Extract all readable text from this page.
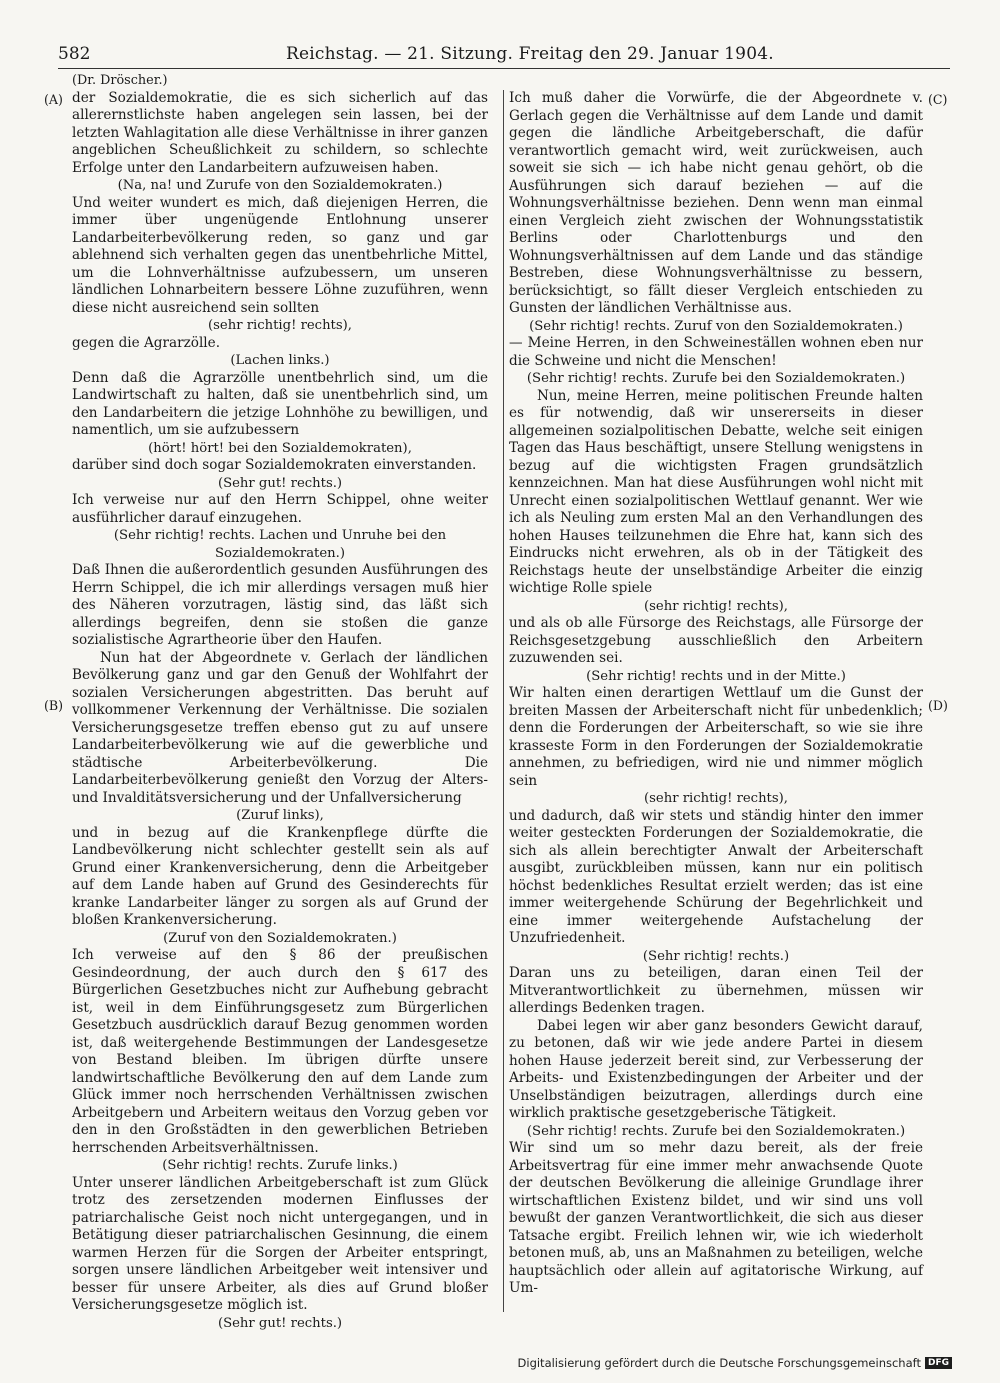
582	Reichstag. — 21. Sitzung. Freitag den 29. Januar 1904.
(A)
(B)
(C)
(D)

(Dr. Dröscher.)

der Sozialdemokratie, die es sich sicherlich auf das allerernstlichste haben angelegen sein lassen, bei der letzten Wahlagitation alle diese Verhältnisse in ihrer ganzen angeblichen Scheußlichkeit zu schildern, so schlechte Erfolge unter den Landarbeitern aufzuweisen haben.

(Na, na! und Zurufe von den Sozialdemokraten.)

Und weiter wundert es mich, daß diejenigen Herren, die immer über ungenügende Entlohnung unserer Landarbeiterbevölkerung reden, so ganz und gar ablehnend sich verhalten gegen das unentbehrliche Mittel, um die Lohnverhältnisse aufzubessern, um unseren ländlichen Lohnarbeitern bessere Löhne zuzuführen, wenn diese nicht ausreichend sein sollten

(sehr richtig! rechts),

gegen die Agrarzölle.

(Lachen links.)

Denn daß die Agrarzölle unentbehrlich sind, um die Landwirtschaft zu halten, daß sie unentbehrlich sind, um den Landarbeitern die jetzige Lohnhöhe zu bewilligen, und namentlich, um sie aufzubessern

(hört! hört! bei den Sozialdemokraten),

darüber sind doch sogar Sozialdemokraten einverstanden.

(Sehr gut! rechts.)

Ich verweise nur auf den Herrn Schippel, ohne weiter ausführlicher darauf einzugehen.

(Sehr richtig! rechts. Lachen und Unruhe bei den Sozialdemokraten.)

Daß Ihnen die außerordentlich gesunden Ausführungen des Herrn Schippel, die ich mir allerdings versagen muß hier des Näheren vorzutragen, lästig sind, das läßt sich allerdings begreifen, denn sie stoßen die ganze sozialistische Agrartheorie über den Haufen.

Nun hat der Abgeordnete v. Gerlach der ländlichen Bevölkerung ganz und gar den Genuß der Wohlfahrt der sozialen Versicherungen abgestritten. Das beruht auf vollkommener Verkennung der Verhältnisse. Die sozialen Versicherungsgesetze treffen ebenso gut zu auf unsere Landarbeiterbevölkerung wie auf die gewerbliche und städtische Arbeiterbevölkerung. Die Landarbeiterbevölkerung genießt den Vorzug der Alters- und Invalditätsversicherung und der Unfallversicherung

(Zuruf links),

und in bezug auf die Krankenpflege dürfte die Landbevölkerung nicht schlechter gestellt sein als auf Grund einer Krankenversicherung, denn die Arbeitgeber auf dem Lande haben auf Grund des Gesinderechts für kranke Landarbeiter länger zu sorgen als auf Grund der bloßen Krankenversicherung.

(Zuruf von den Sozialdemokraten.)

Ich verweise auf den § 86 der preußischen Gesindeordnung, der auch durch den § 617 des Bürgerlichen Gesetzbuches nicht zur Aufhebung gebracht ist, weil in dem Einführungsgesetz zum Bürgerlichen Gesetzbuch ausdrücklich darauf Bezug genommen worden ist, daß weitergehende Bestimmungen der Landesgesetze von Bestand bleiben. Im übrigen dürfte unsere landwirtschaftliche Bevölkerung den auf dem Lande zum Glück immer noch herrschenden Verhältnissen zwischen Arbeitgebern und Arbeitern weitaus den Vorzug geben vor den in den Großstädten in den gewerblichen Betrieben herrschenden Arbeitsverhältnissen.

(Sehr richtig! rechts. Zurufe links.)

Unter unserer ländlichen Arbeitgeberschaft ist zum Glück trotz des zersetzenden modernen Einflusses der patriarchalische Geist noch nicht untergegangen, und in Betätigung dieser patriarchalischen Gesinnung, die einem warmen Herzen für die Sorgen der Arbeiter entspringt, sorgen unsere ländlichen Arbeitgeber weit intensiver und besser für unsere Arbeiter, als dies auf Grund bloßer Versicherungsgesetze möglich ist.

(Sehr gut! rechts.)

Ich muß daher die Vorwürfe, die der Abgeordnete v. Gerlach gegen die Verhältnisse auf dem Lande und damit gegen die ländliche Arbeitgeberschaft, die dafür verantwortlich gemacht wird, weit zurückweisen, auch soweit sie sich — ich habe nicht genau gehört, ob die Ausführungen sich darauf beziehen — auf die Wohnungsverhältnisse beziehen. Denn wenn man einmal einen Vergleich zieht zwischen der Wohnungsstatistik Berlins oder Charlottenburgs und den Wohnungsverhältnissen auf dem Lande und das ständige Bestreben, diese Wohnungsverhältnisse zu bessern, berücksichtigt, so fällt dieser Vergleich entschieden zu Gunsten der ländlichen Verhältnisse aus.

(Sehr richtig! rechts. Zuruf von den Sozialdemokraten.)

— Meine Herren, in den Schweineställen wohnen eben nur die Schweine und nicht die Menschen!

(Sehr richtig! rechts. Zurufe bei den Sozialdemokraten.)

Nun, meine Herren, meine politischen Freunde halten es für notwendig, daß wir unsererseits in dieser allgemeinen sozialpolitischen Debatte, welche seit einigen Tagen das Haus beschäftigt, unsere Stellung wenigstens in bezug auf die wichtigsten Fragen grundsätzlich kennzeichnen. Man hat diese Ausführungen wohl nicht mit Unrecht einen sozialpolitischen Wettlauf genannt. Wer wie ich als Neuling zum ersten Mal an den Verhandlungen des hohen Hauses teilzunehmen die Ehre hat, kann sich des Eindrucks nicht erwehren, als ob in der Tätigkeit des Reichstags heute der unselbständige Arbeiter die einzig wichtige Rolle spiele

(sehr richtig! rechts),

und als ob alle Fürsorge des Reichstags, alle Fürsorge der Reichsgesetzgebung ausschließlich den Arbeitern zuzuwenden sei.

(Sehr richtig! rechts und in der Mitte.)

Wir halten einen derartigen Wettlauf um die Gunst der breiten Massen der Arbeiterschaft nicht für unbedenklich; denn die Forderungen der Arbeiterschaft, so wie sie ihre krasseste Form in den Forderungen der Sozialdemokratie annehmen, zu befriedigen, wird nie und nimmer möglich sein

(sehr richtig! rechts),

und dadurch, daß wir stets und ständig hinter den immer weiter gesteckten Forderungen der Sozialdemokratie, die sich als allein berechtigter Anwalt der Arbeiterschaft ausgibt, zurückbleiben müssen, kann nur ein politisch höchst bedenkliches Resultat erzielt werden; das ist eine immer weitergehende Schürung der Begehrlichkeit und eine immer weitergehende Aufstachelung der Unzufriedenheit.

(Sehr richtig! rechts.)

Daran uns zu beteiligen, daran einen Teil der Mitverantwortlichkeit zu übernehmen, müssen wir allerdings Bedenken tragen.

Dabei legen wir aber ganz besonders Gewicht darauf, zu betonen, daß wir wie jede andere Partei in diesem hohen Hause jederzeit bereit sind, zur Verbesserung der Arbeits- und Existenzbedingungen der Arbeiter und der Unselbständigen beizutragen, allerdings durch eine wirklich praktische gesetzgeberische Tätigkeit.

(Sehr richtig! rechts. Zurufe bei den Sozialdemokraten.)

Wir sind um so mehr dazu bereit, als der freie Arbeitsvertrag für eine immer mehr anwachsende Quote der deutschen Bevölkerung die alleinige Grundlage ihrer wirtschaftlichen Existenz bildet, und wir sind uns voll bewußt der ganzen Verantwortlichkeit, die sich aus dieser Tatsache ergibt. Freilich lehnen wir, wie ich wiederholt betonen muß, ab, uns an Maßnahmen zu beteiligen, welche hauptsächlich oder allein auf agitatorische Wirkung, auf Um-

Digitalisierung gefördert durch die Deutsche Forschungsgemeinschaft DFG
